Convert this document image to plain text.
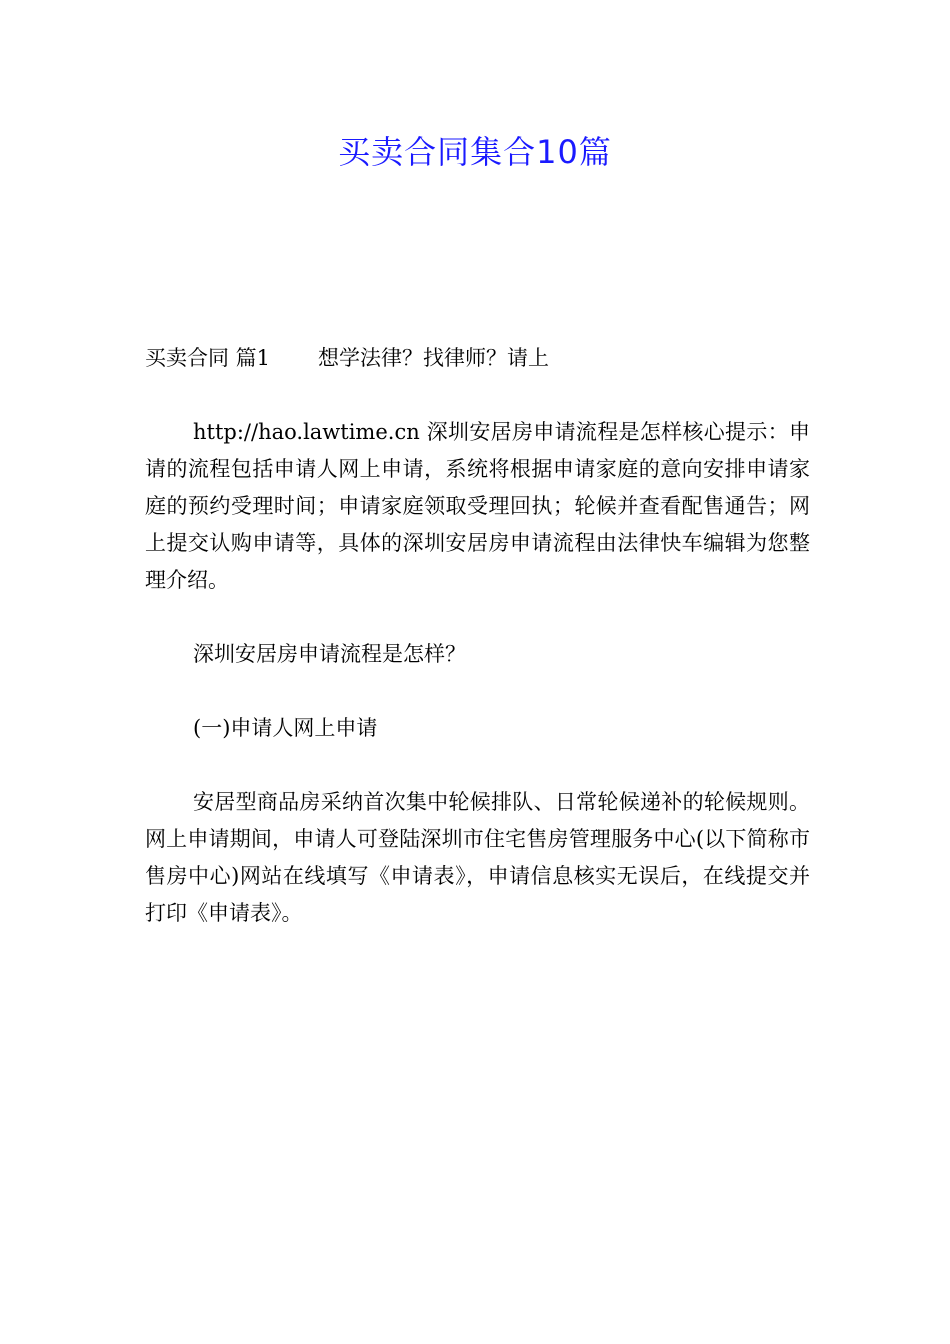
买卖合同集合10篇

买卖合同 篇1 想学法律？找律师？请上

http://hao.lawtime.cn 深圳安居房申请流程是怎样核心提示：申请的流程包括申请人网上申请，系统将根据申请家庭的意向安排申请家庭的预约受理时间；申请家庭领取受理回执；轮候并查看配售通告；网上提交认购申请等，具体的深圳安居房申请流程由法律快车编辑为您整理介绍。

深圳安居房申请流程是怎样？

(一)申请人网上申请

安居型商品房采纳首次集中轮候排队、日常轮候递补的轮候规则。网上申请期间，申请人可登陆深圳市住宅售房管理服务中心(以下简称市售房中心)网站在线填写《申请表》，申请信息核实无误后，在线提交并打印《申请表》。
